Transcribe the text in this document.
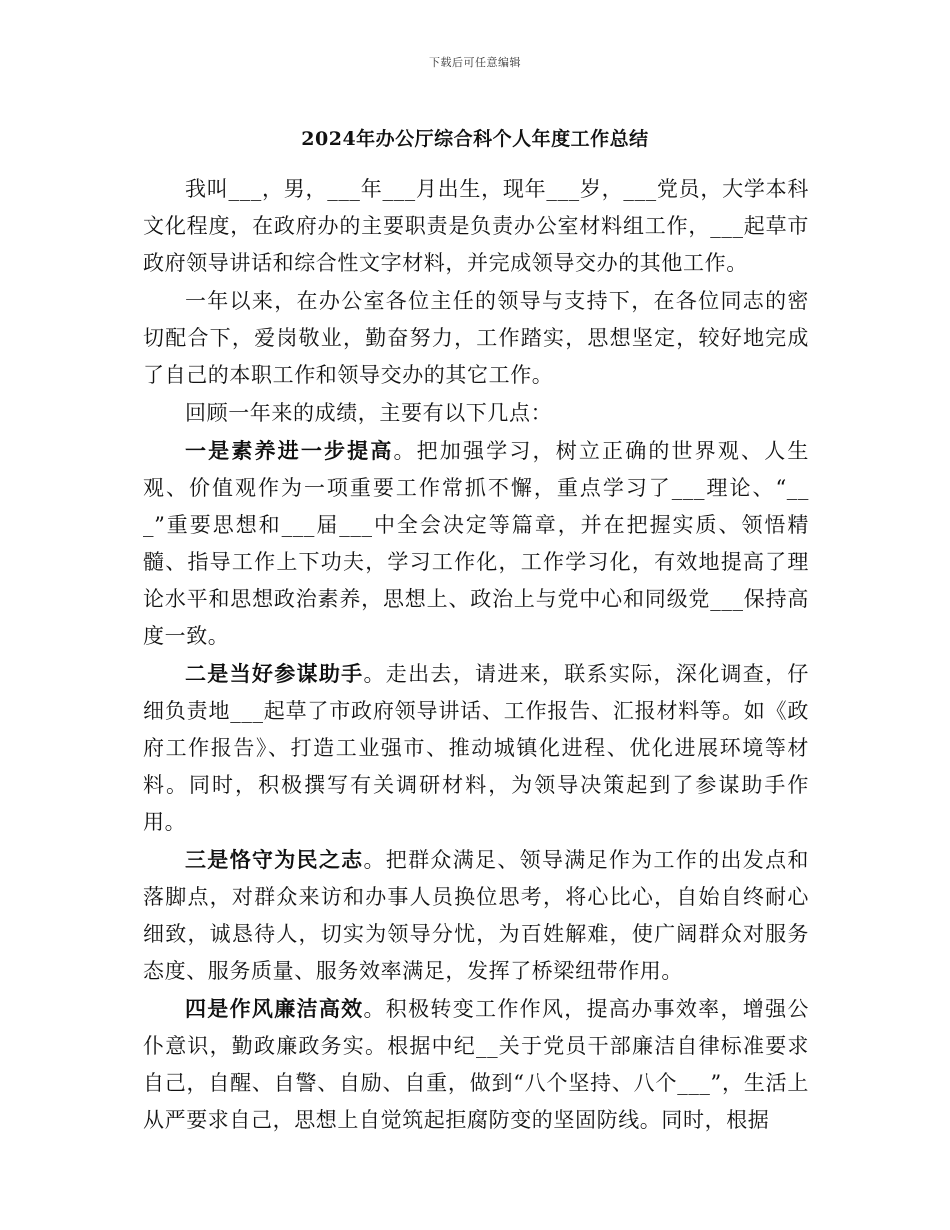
下载后可任意编辑
2024年办公厅综合科个人年度工作总结

我叫___，男，___年___月出生，现年___岁，___党员，大学本科文化程度，在政府办的主要职责是负责办公室材料组工作，___起草市政府领导讲话和综合性文字材料，并完成领导交办的其他工作。

一年以来，在办公室各位主任的领导与支持下，在各位同志的密切配合下，爱岗敬业，勤奋努力，工作踏实，思想坚定，较好地完成了自己的本职工作和领导交办的其它工作。

回顾一年来的成绩，主要有以下几点：

一是素养进一步提高。把加强学习，树立正确的世界观、人生观、价值观作为一项重要工作常抓不懈，重点学习了___理论、“___”重要思想和___届___中全会决定等篇章，并在把握实质、领悟精髓、指导工作上下功夫，学习工作化，工作学习化，有效地提高了理论水平和思想政治素养，思想上、政治上与党中心和同级党___保持高度一致。

二是当好参谋助手。走出去，请进来，联系实际，深化调查，仔细负责地___起草了市政府领导讲话、工作报告、汇报材料等。如《政府工作报告》、打造工业强市、推动城镇化进程、优化进展环境等材料。同时，积极撰写有关调研材料，为领导决策起到了参谋助手作用。

三是恪守为民之志。把群众满足、领导满足作为工作的出发点和落脚点，对群众来访和办事人员换位思考，将心比心，自始自终耐心细致，诚恳待人，切实为领导分忧，为百姓解难，使广阔群众对服务态度、服务质量、服务效率满足，发挥了桥梁纽带作用。

四是作风廉洁高效。积极转变工作作风，提高办事效率，增强公仆意识，勤政廉政务实。根据中纪__关于党员干部廉洁自律标准要求自己，自醒、自警、自励、自重，做到“八个坚持、八个___”，生活上从严要求自己，思想上自觉筑起拒腐防变的坚固防线。同时，根据
